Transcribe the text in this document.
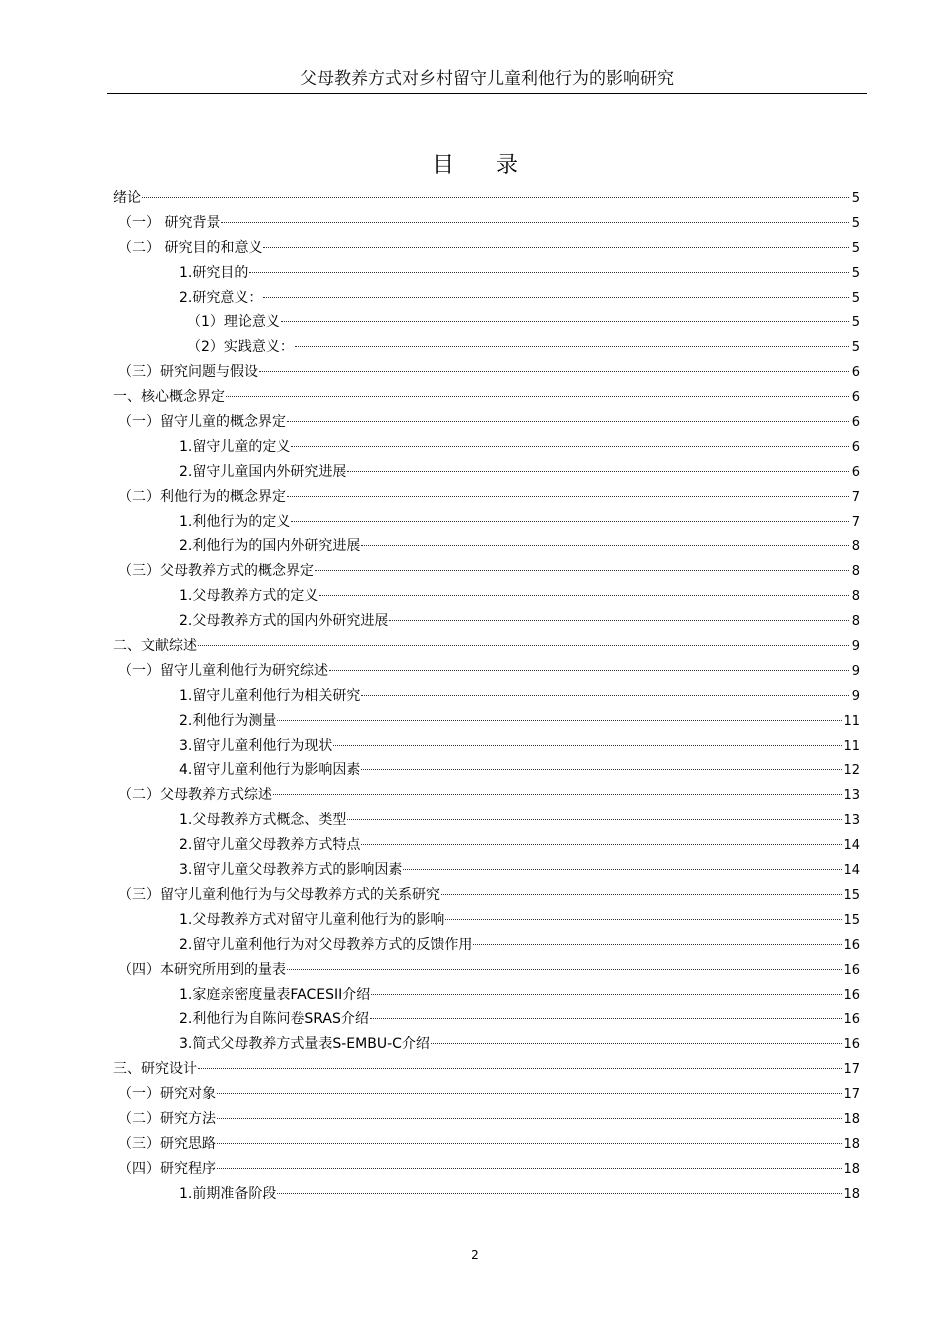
父母教养方式对乡村留守儿童利他行为的影响研究
目录
绪论	5
（一） 研究背景	5
（二） 研究目的和意义	5
1.研究目的	5
2.研究意义：	5
（1）理论意义	5
（2）实践意义：	5
（三）研究问题与假设	6
一、核心概念界定	6
（一）留守儿童的概念界定	6
1.留守儿童的定义	6
2.留守儿童国内外研究进展	6
（二）利他行为的概念界定	7
1.利他行为的定义	7
2.利他行为的国内外研究进展	8
（三）父母教养方式的概念界定	8
1.父母教养方式的定义	8
2.父母教养方式的国内外研究进展	8
二、文献综述	9
（一）留守儿童利他行为研究综述	9
1.留守儿童利他行为相关研究	9
2.利他行为测量	11
3.留守儿童利他行为现状	11
4.留守儿童利他行为影响因素	12
（二）父母教养方式综述	13
1.父母教养方式概念、类型	13
2.留守儿童父母教养方式特点	14
3.留守儿童父母教养方式的影响因素	14
（三）留守儿童利他行为与父母教养方式的关系研究	15
1.父母教养方式对留守儿童利他行为的影响	15
2.留守儿童利他行为对父母教养方式的反馈作用	16
（四）本研究所用到的量表	16
1.家庭亲密度量表FACESII介绍	16
2.利他行为自陈问卷SRAS介绍	16
3.简式父母教养方式量表S-EMBU-C介绍	16
三、研究设计	17
（一）研究对象	17
（二）研究方法	18
（三）研究思路	18
（四）研究程序	18
1.前期准备阶段	18
2
